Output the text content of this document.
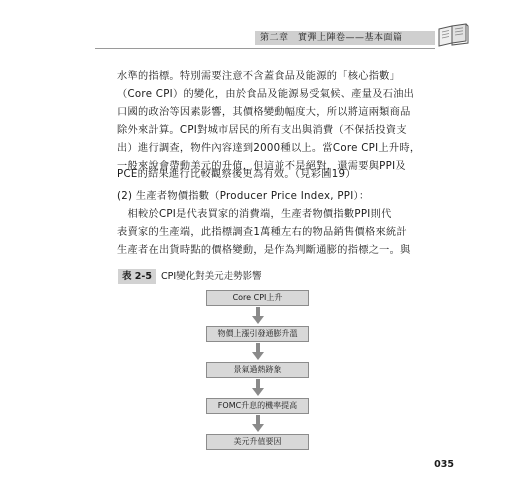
第二章　實彈上陣卷——基本面篇
水準的指標。特別需要注意不含蓋食品及能源的「核心指數」
（Core CPI）的變化，由於食品及能源易受氣候、產量及石油出
口國的政治等因素影響，其價格變動幅度大，所以將這兩類商品
除外來計算。CPI對城市居民的所有支出與消費（不保括投資支
出）進行調查，物件內容達到2000種以上。當Core CPI上升時，
一般來說會帶動美元的升值，但這並不是絕對，還需要與PPI及
PCE的結果進行比較觀察後更為有效。（見彩圖19）
(2) 生產者物價指數（Producer Price Index, PPI）：
　相較於CPI是代表買家的消費端，生產者物價指數PPI則代
表賣家的生產端，此指標調查1萬種左右的物品銷售價格來統計
生產者在出貨時點的價格變動，是作為判斷通膨的指標之一。與
表 2-5 CPI變化對美元走勢影響
Core CPI上升
物價上漲引發通膨升溫
景氣過熱跡象
FOMC升息的機率提高
美元升值要因
035
